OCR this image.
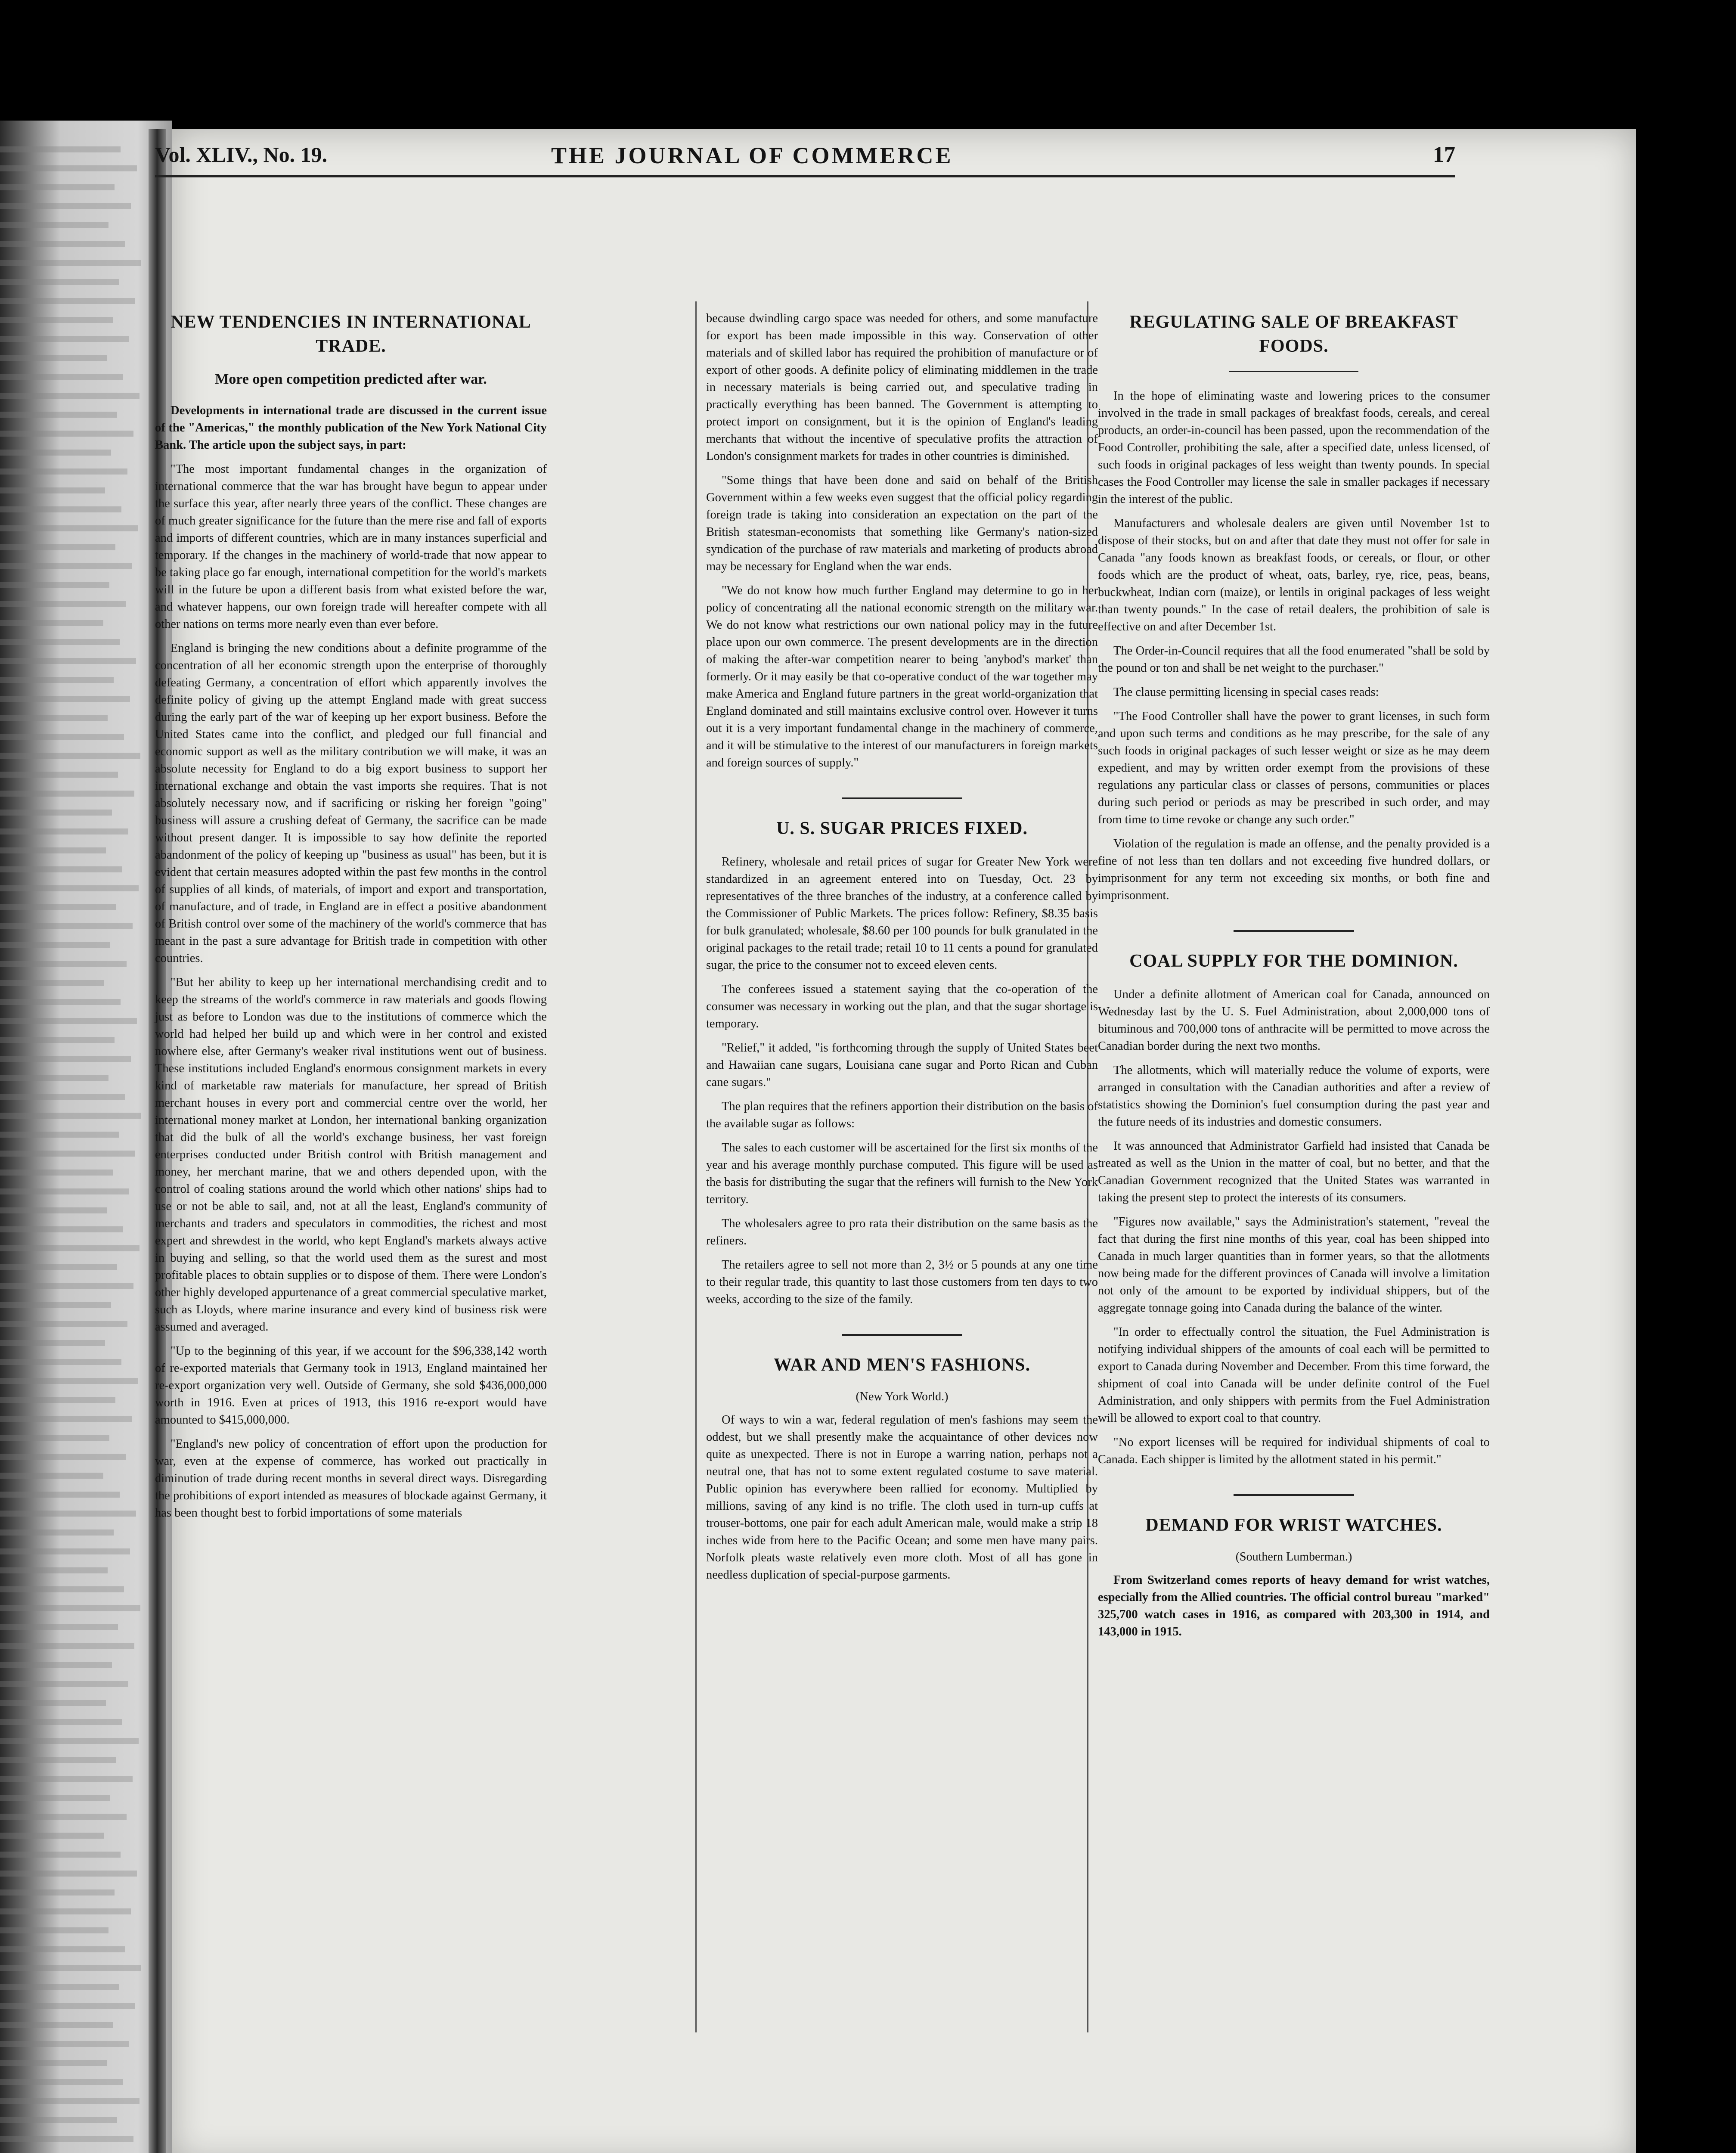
Vol. XLIV., No. 19.	THE JOURNAL OF COMMERCE	17
NEW TENDENCIES IN INTERNATIONAL TRADE.
More open competition predicted after war.

Developments in international trade are discussed in the current issue of the "Americas," the monthly publication of the New York National City Bank. The article upon the subject says, in part:

"The most important fundamental changes in the organization of international commerce that the war has brought have begun to appear under the surface this year, after nearly three years of the conflict. These changes are of much greater significance for the future than the mere rise and fall of exports and imports of different countries, which are in many instances superficial and temporary. If the changes in the machinery of world-trade that now appear to be taking place go far enough, international competition for the world's markets will in the future be upon a different basis from what existed before the war, and whatever happens, our own foreign trade will hereafter compete with all other nations on terms more nearly even than ever before.

England is bringing the new conditions about a definite programme of the concentration of all her economic strength upon the enterprise of thoroughly defeating Germany, a concentration of effort which apparently involves the definite policy of giving up the attempt England made with great success during the early part of the war of keeping up her export business. Before the United States came into the conflict, and pledged our full financial and economic support as well as the military contribution we will make, it was an absolute necessity for England to do a big export business to support her international exchange and obtain the vast imports she requires. That is not absolutely necessary now, and if sacrificing or risking her foreign "going" business will assure a crushing defeat of Germany, the sacrifice can be made without present danger. It is impossible to say how definite the reported abandonment of the policy of keeping up "business as usual" has been, but it is evident that certain measures adopted within the past few months in the control of supplies of all kinds, of materials, of import and export and transportation, of manufacture, and of trade, in England are in effect a positive abandonment of British control over some of the machinery of the world's commerce that has meant in the past a sure advantage for British trade in competition with other countries.

"But her ability to keep up her international merchandising credit and to keep the streams of the world's commerce in raw materials and goods flowing just as before to London was due to the institutions of commerce which the world had helped her build up and which were in her control and existed nowhere else, after Germany's weaker rival institutions went out of business. These institutions included England's enormous consignment markets in every kind of marketable raw materials for manufacture, her spread of British merchant houses in every port and commercial centre over the world, her international money market at London, her international banking organization that did the bulk of all the world's exchange business, her vast foreign enterprises conducted under British control with British management and money, her merchant marine, that we and others depended upon, with the control of coaling stations around the world which other nations' ships had to use or not be able to sail, and, not at all the least, England's community of merchants and traders and speculators in commodities, the richest and most expert and shrewdest in the world, who kept England's markets always active in buying and selling, so that the world used them as the surest and most profitable places to obtain supplies or to dispose of them. There were London's other highly developed appurtenance of a great commercial speculative market, such as Lloyds, where marine insurance and every kind of business risk were assumed and averaged.

"Up to the beginning of this year, if we account for the $96,338,142 worth of re-exported materials that Germany took in 1913, England maintained her re-export organization very well. Outside of Germany, she sold $436,000,000 worth in 1916. Even at prices of 1913, this 1916 re-export would have amounted to $415,000,000.

"England's new policy of concentration of effort upon the production for war, even at the expense of commerce, has worked out practically in diminution of trade during recent months in several direct ways. Disregarding the prohibitions of export intended as measures of blockade against Germany, it has been thought best to forbid importations of some materials

because dwindling cargo space was needed for others, and some manufacture for export has been made impossible in this way. Conservation of other materials and of skilled labor has required the prohibition of manufacture or of export of other goods. A definite policy of eliminating middlemen in the trade in necessary materials is being carried out, and speculative trading in practically everything has been banned. The Government is attempting to protect import on consignment, but it is the opinion of England's leading merchants that without the incentive of speculative profits the attraction of London's consignment markets for trades in other countries is diminished.

"Some things that have been done and said on behalf of the British Government within a few weeks even suggest that the official policy regarding foreign trade is taking into consideration an expectation on the part of the British statesman-economists that something like Germany's nation-sized syndication of the purchase of raw materials and marketing of products abroad may be necessary for England when the war ends.

"We do not know how much further England may determine to go in her policy of concentrating all the national economic strength on the military war. We do not know what restrictions our own national policy may in the future place upon our own commerce. The present developments are in the direction of making the after-war competition nearer to being 'anybod's market' than formerly. Or it may easily be that co-operative conduct of the war together may make America and England future partners in the great world-organization that England dominated and still maintains exclusive control over. However it turns out it is a very important fundamental change in the machinery of commerce, and it will be stimulative to the interest of our manufacturers in foreign markets and foreign sources of supply."

U. S. SUGAR PRICES FIXED.

Refinery, wholesale and retail prices of sugar for Greater New York were standardized in an agreement entered into on Tuesday, Oct. 23 by representatives of the three branches of the industry, at a conference called by the Commissioner of Public Markets. The prices follow: Refinery, $8.35 basis for bulk granulated; wholesale, $8.60 per 100 pounds for bulk granulated in the original packages to the retail trade; retail 10 to 11 cents a pound for granulated sugar, the price to the consumer not to exceed eleven cents.

The conferees issued a statement saying that the co-operation of the consumer was necessary in working out the plan, and that the sugar shortage is temporary.

"Relief," it added, "is forthcoming through the supply of United States beet and Hawaiian cane sugars, Louisiana cane sugar and Porto Rican and Cuban cane sugars."

The plan requires that the refiners apportion their distribution on the basis of the available sugar as follows:

The sales to each customer will be ascertained for the first six months of the year and his average monthly purchase computed. This figure will be used as the basis for distributing the sugar that the refiners will furnish to the New York territory.

The wholesalers agree to pro rata their distribution on the same basis as the refiners.

The retailers agree to sell not more than 2, 3½ or 5 pounds at any one time to their regular trade, this quantity to last those customers from ten days to two weeks, according to the size of the family.

WAR AND MEN'S FASHIONS.
(New York World.)

Of ways to win a war, federal regulation of men's fashions may seem the oddest, but we shall presently make the acquaintance of other devices now quite as unexpected. There is not in Europe a warring nation, perhaps not a neutral one, that has not to some extent regulated costume to save material. Public opinion has everywhere been rallied for economy. Multiplied by millions, saving of any kind is no trifle. The cloth used in turn-up cuffs at trouser-bottoms, one pair for each adult American male, would make a strip 18 inches wide from here to the Pacific Ocean; and some men have many pairs. Norfolk pleats waste relatively even more cloth. Most of all has gone in needless duplication of special-purpose garments.

REGULATING SALE OF BREAKFAST FOODS.

In the hope of eliminating waste and lowering prices to the consumer involved in the trade in small packages of breakfast foods, cereals, and cereal products, an order-in-council has been passed, upon the recommendation of the Food Controller, prohibiting the sale, after a specified date, unless licensed, of such foods in original packages of less weight than twenty pounds. In special cases the Food Controller may license the sale in smaller packages if necessary in the interest of the public.

Manufacturers and wholesale dealers are given until November 1st to dispose of their stocks, but on and after that date they must not offer for sale in Canada "any foods known as breakfast foods, or cereals, or flour, or other foods which are the product of wheat, oats, barley, rye, rice, peas, beans, buckwheat, Indian corn (maize), or lentils in original packages of less weight than twenty pounds." In the case of retail dealers, the prohibition of sale is effective on and after December 1st.

The Order-in-Council requires that all the food enumerated "shall be sold by the pound or ton and shall be net weight to the purchaser."

The clause permitting licensing in special cases reads:

"The Food Controller shall have the power to grant licenses, in such form and upon such terms and conditions as he may prescribe, for the sale of any such foods in original packages of such lesser weight or size as he may deem expedient, and may by written order exempt from the provisions of these regulations any particular class or classes of persons, communities or places during such period or periods as may be prescribed in such order, and may from time to time revoke or change any such order."

Violation of the regulation is made an offense, and the penalty provided is a fine of not less than ten dollars and not exceeding five hundred dollars, or imprisonment for any term not exceeding six months, or both fine and imprisonment.

COAL SUPPLY FOR THE DOMINION.

Under a definite allotment of American coal for Canada, announced on Wednesday last by the U. S. Fuel Administration, about 2,000,000 tons of bituminous and 700,000 tons of anthracite will be permitted to move across the Canadian border during the next two months.

The allotments, which will materially reduce the volume of exports, were arranged in consultation with the Canadian authorities and after a review of statistics showing the Dominion's fuel consumption during the past year and the future needs of its industries and domestic consumers.

It was announced that Administrator Garfield had insisted that Canada be treated as well as the Union in the matter of coal, but no better, and that the Canadian Government recognized that the United States was warranted in taking the present step to protect the interests of its consumers.

"Figures now available," says the Administration's statement, "reveal the fact that during the first nine months of this year, coal has been shipped into Canada in much larger quantities than in former years, so that the allotments now being made for the different provinces of Canada will involve a limitation not only of the amount to be exported by individual shippers, but of the aggregate tonnage going into Canada during the balance of the winter.

"In order to effectually control the situation, the Fuel Administration is notifying individual shippers of the amounts of coal each will be permitted to export to Canada during November and December. From this time forward, the shipment of coal into Canada will be under definite control of the Fuel Administration, and only shippers with permits from the Fuel Administration will be allowed to export coal to that country.

"No export licenses will be required for individual shipments of coal to Canada. Each shipper is limited by the allotment stated in his permit."

DEMAND FOR WRIST WATCHES.
(Southern Lumberman.)

From Switzerland comes reports of heavy demand for wrist watches, especially from the Allied countries. The official control bureau "marked" 325,700 watch cases in 1916, as compared with 203,300 in 1914, and 143,000 in 1915.
